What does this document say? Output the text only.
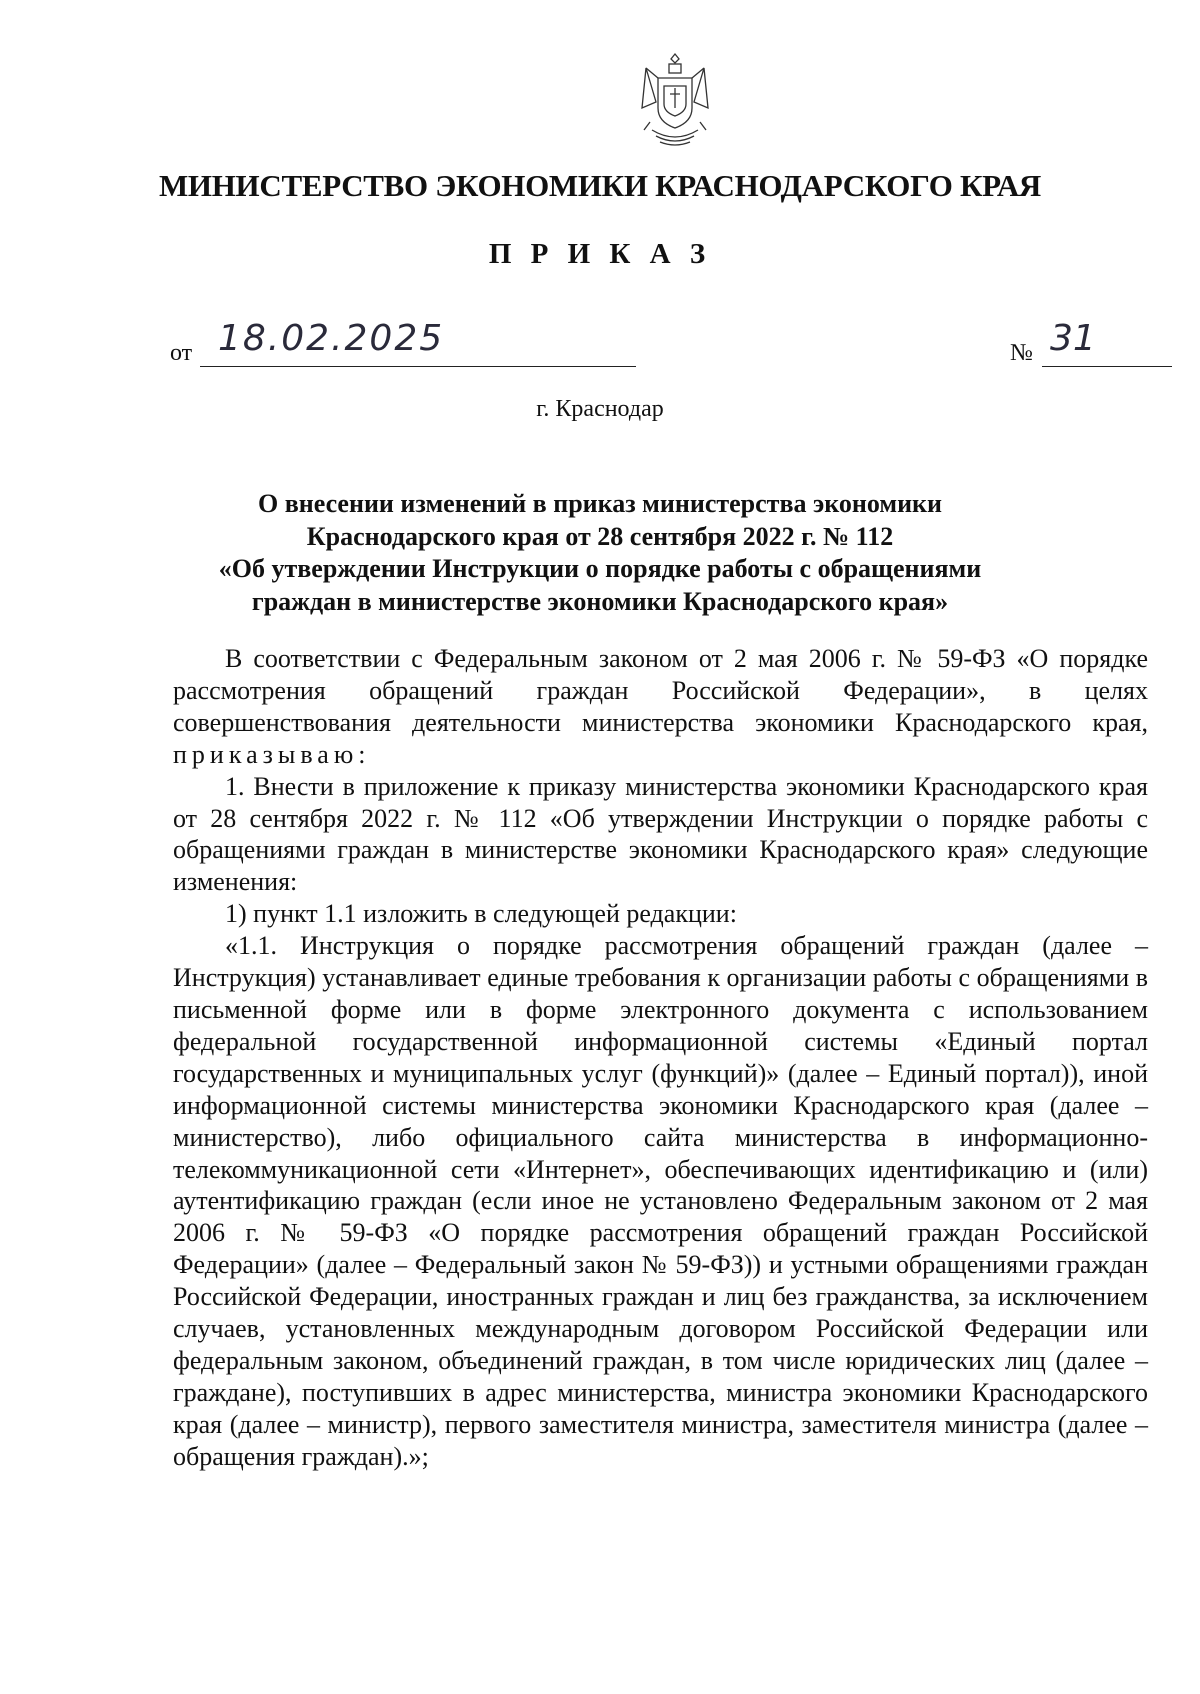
МИНИСТЕРСТВО ЭКОНОМИКИ КРАСНОДАРСКОГО КРАЯ
П Р И К А З
от 18.02.2025	№ 31
г. Краснодар
О внесении изменений в приказ министерства экономики
Краснодарского края от 28 сентября 2022 г. № 112
«Об утверждении Инструкции о порядке работы с обращениями
граждан в министерстве экономики Краснодарского края»

В соответствии с Федеральным законом от 2 мая 2006 г. № 59-ФЗ «О порядке рассмотрения обращений граждан Российской Федерации», в целях совершенствования деятельности министерства экономики Краснодарского края, приказываю:

1. Внести в приложение к приказу министерства экономики Краснодарского края от 28 сентября 2022 г. № 112 «Об утверждении Инструкции о порядке работы с обращениями граждан в министерстве экономики Краснодарского края» следующие изменения:

1) пункт 1.1 изложить в следующей редакции:

«1.1. Инструкция о порядке рассмотрения обращений граждан (далее – Инструкция) устанавливает единые требования к организации работы с обращениями в письменной форме или в форме электронного документа с использованием федеральной государственной информационной системы «Единый портал государственных и муниципальных услуг (функций)» (далее – Единый портал)), иной информационной системы министерства экономики Краснодарского края (далее – министерство), либо официального сайта министерства в информационно-телекоммуникационной сети «Интернет», обеспечивающих идентификацию и (или) аутентификацию граждан (если иное не установлено Федеральным законом от 2 мая 2006 г. № 59-ФЗ «О порядке рассмотрения обращений граждан Российской Федерации» (далее – Федеральный закон № 59-ФЗ)) и устными обращениями граждан Российской Федерации, иностранных граждан и лиц без гражданства, за исключением случаев, установленных международным договором Российской Федерации или федеральным законом, объединений граждан, в том числе юридических лиц (далее – граждане), поступивших в адрес министерства, министра экономики Краснодарского края (далее – министр), первого заместителя министра, заместителя министра (далее – обращения граждан).»;
